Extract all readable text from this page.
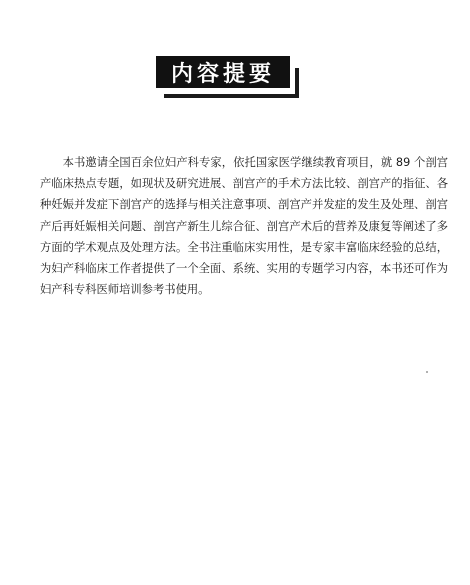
内容提要

本书邀请全国百余位妇产科专家，依托国家医学继续教育项目，就 89 个剖宫产临床热点专题，如现状及研究进展、剖宫产的手术方法比较、剖宫产的指征、各种妊娠并发症下剖宫产的选择与相关注意事项、剖宫产并发症的发生及处理、剖宫产后再妊娠相关问题、剖宫产新生儿综合征、剖宫产术后的营养及康复等阐述了多方面的学术观点及处理方法。全书注重临床实用性，是专家丰富临床经验的总结，为妇产科临床工作者提供了一个全面、系统、实用的专题学习内容，本书还可作为妇产科专科医师培训参考书使用。
